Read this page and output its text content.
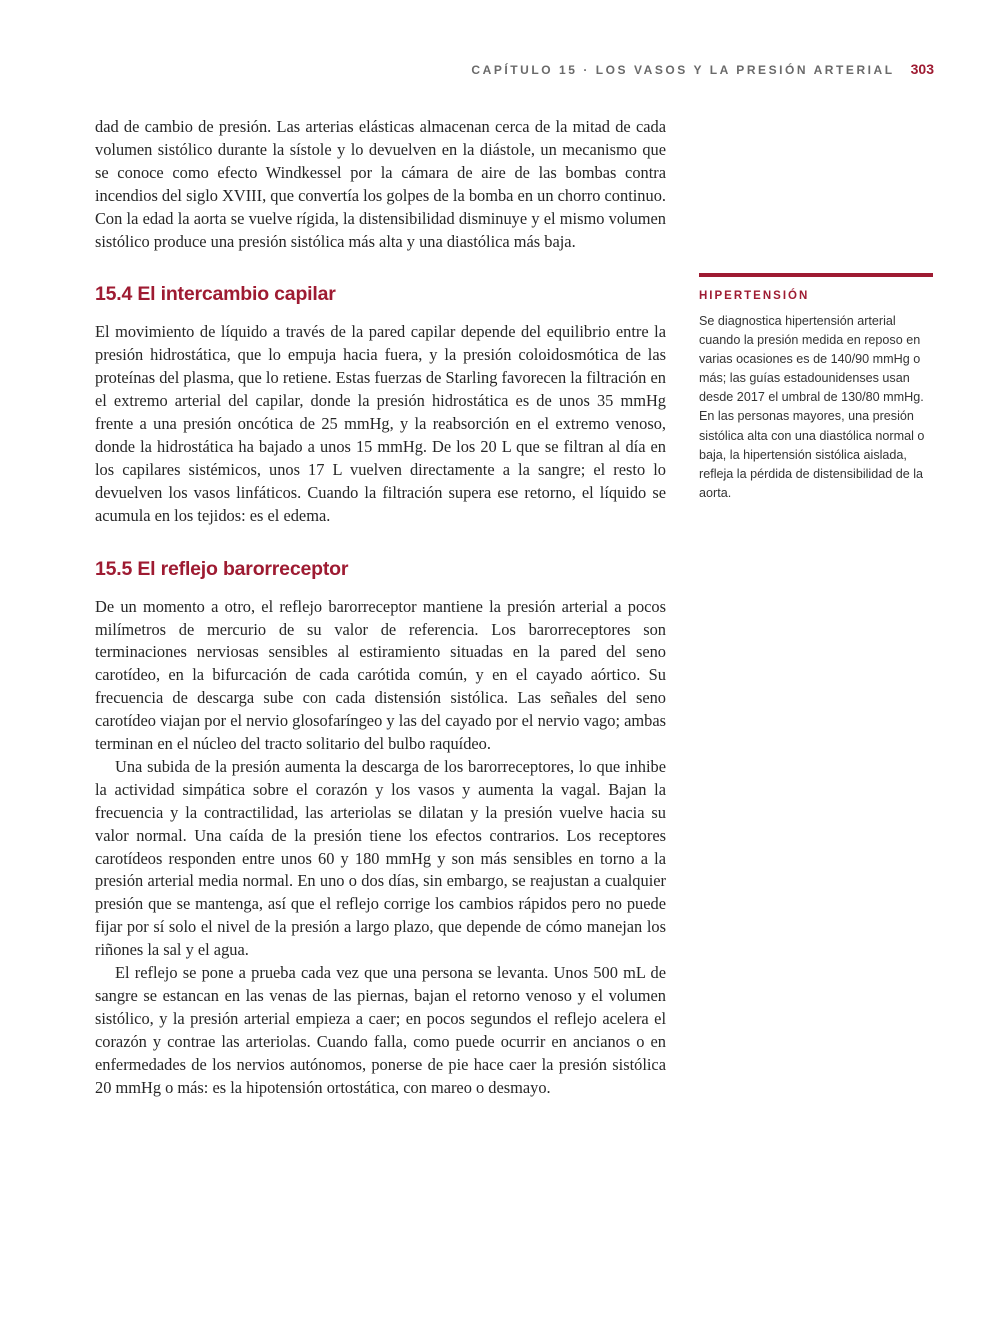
CAPÍTULO 15 · LOS VASOS Y LA PRESIÓN ARTERIAL 303

dad de cambio de presión. Las arterias elásticas almacenan cerca de la mitad de cada volumen sistólico durante la sístole y lo devuelven en la diástole, un mecanismo que se conoce como efecto Windkessel por la cámara de aire de las bombas contra incendios del siglo XVIII, que convertía los golpes de la bomba en un chorro continuo. Con la edad la aorta se vuelve rígida, la distensibilidad disminuye y el mismo volumen sistólico produce una presión sistólica más alta y una diastólica más baja.

15.4 El intercambio capilar

El movimiento de líquido a través de la pared capilar depende del equilibrio entre la presión hidrostática, que lo empuja hacia fuera, y la presión coloidosmótica de las proteínas del plasma, que lo retiene. Estas fuerzas de Starling favorecen la filtración en el extremo arterial del capilar, donde la presión hidrostática es de unos 35 mmHg frente a una presión oncótica de 25 mmHg, y la reabsorción en el extremo venoso, donde la hidrostática ha bajado a unos 15 mmHg. De los 20 L que se filtran al día en los capilares sistémicos, unos 17 L vuelven directamente a la sangre; el resto lo devuelven los vasos linfáticos. Cuando la filtración supera ese retorno, el líquido se acumula en los tejidos: es el edema.

15.5 El reflejo barorreceptor

De un momento a otro, el reflejo barorreceptor mantiene la presión arterial a pocos milímetros de mercurio de su valor de referencia. Los barorreceptores son terminaciones nerviosas sensibles al estiramiento situadas en la pared del seno carotídeo, en la bifurcación de cada carótida común, y en el cayado aórtico. Su frecuencia de descarga sube con cada distensión sistólica. Las señales del seno carotídeo viajan por el nervio glosofaríngeo y las del cayado por el nervio vago; ambas terminan en el núcleo del tracto solitario del bulbo raquídeo.

Una subida de la presión aumenta la descarga de los barorreceptores, lo que inhibe la actividad simpática sobre el corazón y los vasos y aumenta la vagal. Bajan la frecuencia y la contractilidad, las arteriolas se dilatan y la presión vuelve hacia su valor normal. Una caída de la presión tiene los efectos contrarios. Los receptores carotídeos responden entre unos 60 y 180 mmHg y son más sensibles en torno a la presión arterial media normal. En uno o dos días, sin embargo, se reajustan a cualquier presión que se mantenga, así que el reflejo corrige los cambios rápidos pero no puede fijar por sí solo el nivel de la presión a largo plazo, que depende de cómo manejan los riñones la sal y el agua.

El reflejo se pone a prueba cada vez que una persona se levanta. Unos 500 mL de sangre se estancan en las venas de las piernas, bajan el retorno venoso y el volumen sistólico, y la presión arterial empieza a caer; en pocos segundos el reflejo acelera el corazón y contrae las arteriolas. Cuando falla, como puede ocurrir en ancianos o en enfermedades de los nervios autónomos, ponerse de pie hace caer la presión sistólica 20 mmHg o más: es la hipotensión ortostática, con mareo o desmayo.

HIPERTENSIÓN
Se diagnostica hipertensión arterial cuando la presión medida en reposo en varias ocasiones es de 140/90 mmHg o más; las guías estadounidenses usan desde 2017 el umbral de 130/80 mmHg. En las personas mayores, una presión sistólica alta con una diastólica normal o baja, la hipertensión sistólica aislada, refleja la pérdida de distensibilidad de la aorta.
